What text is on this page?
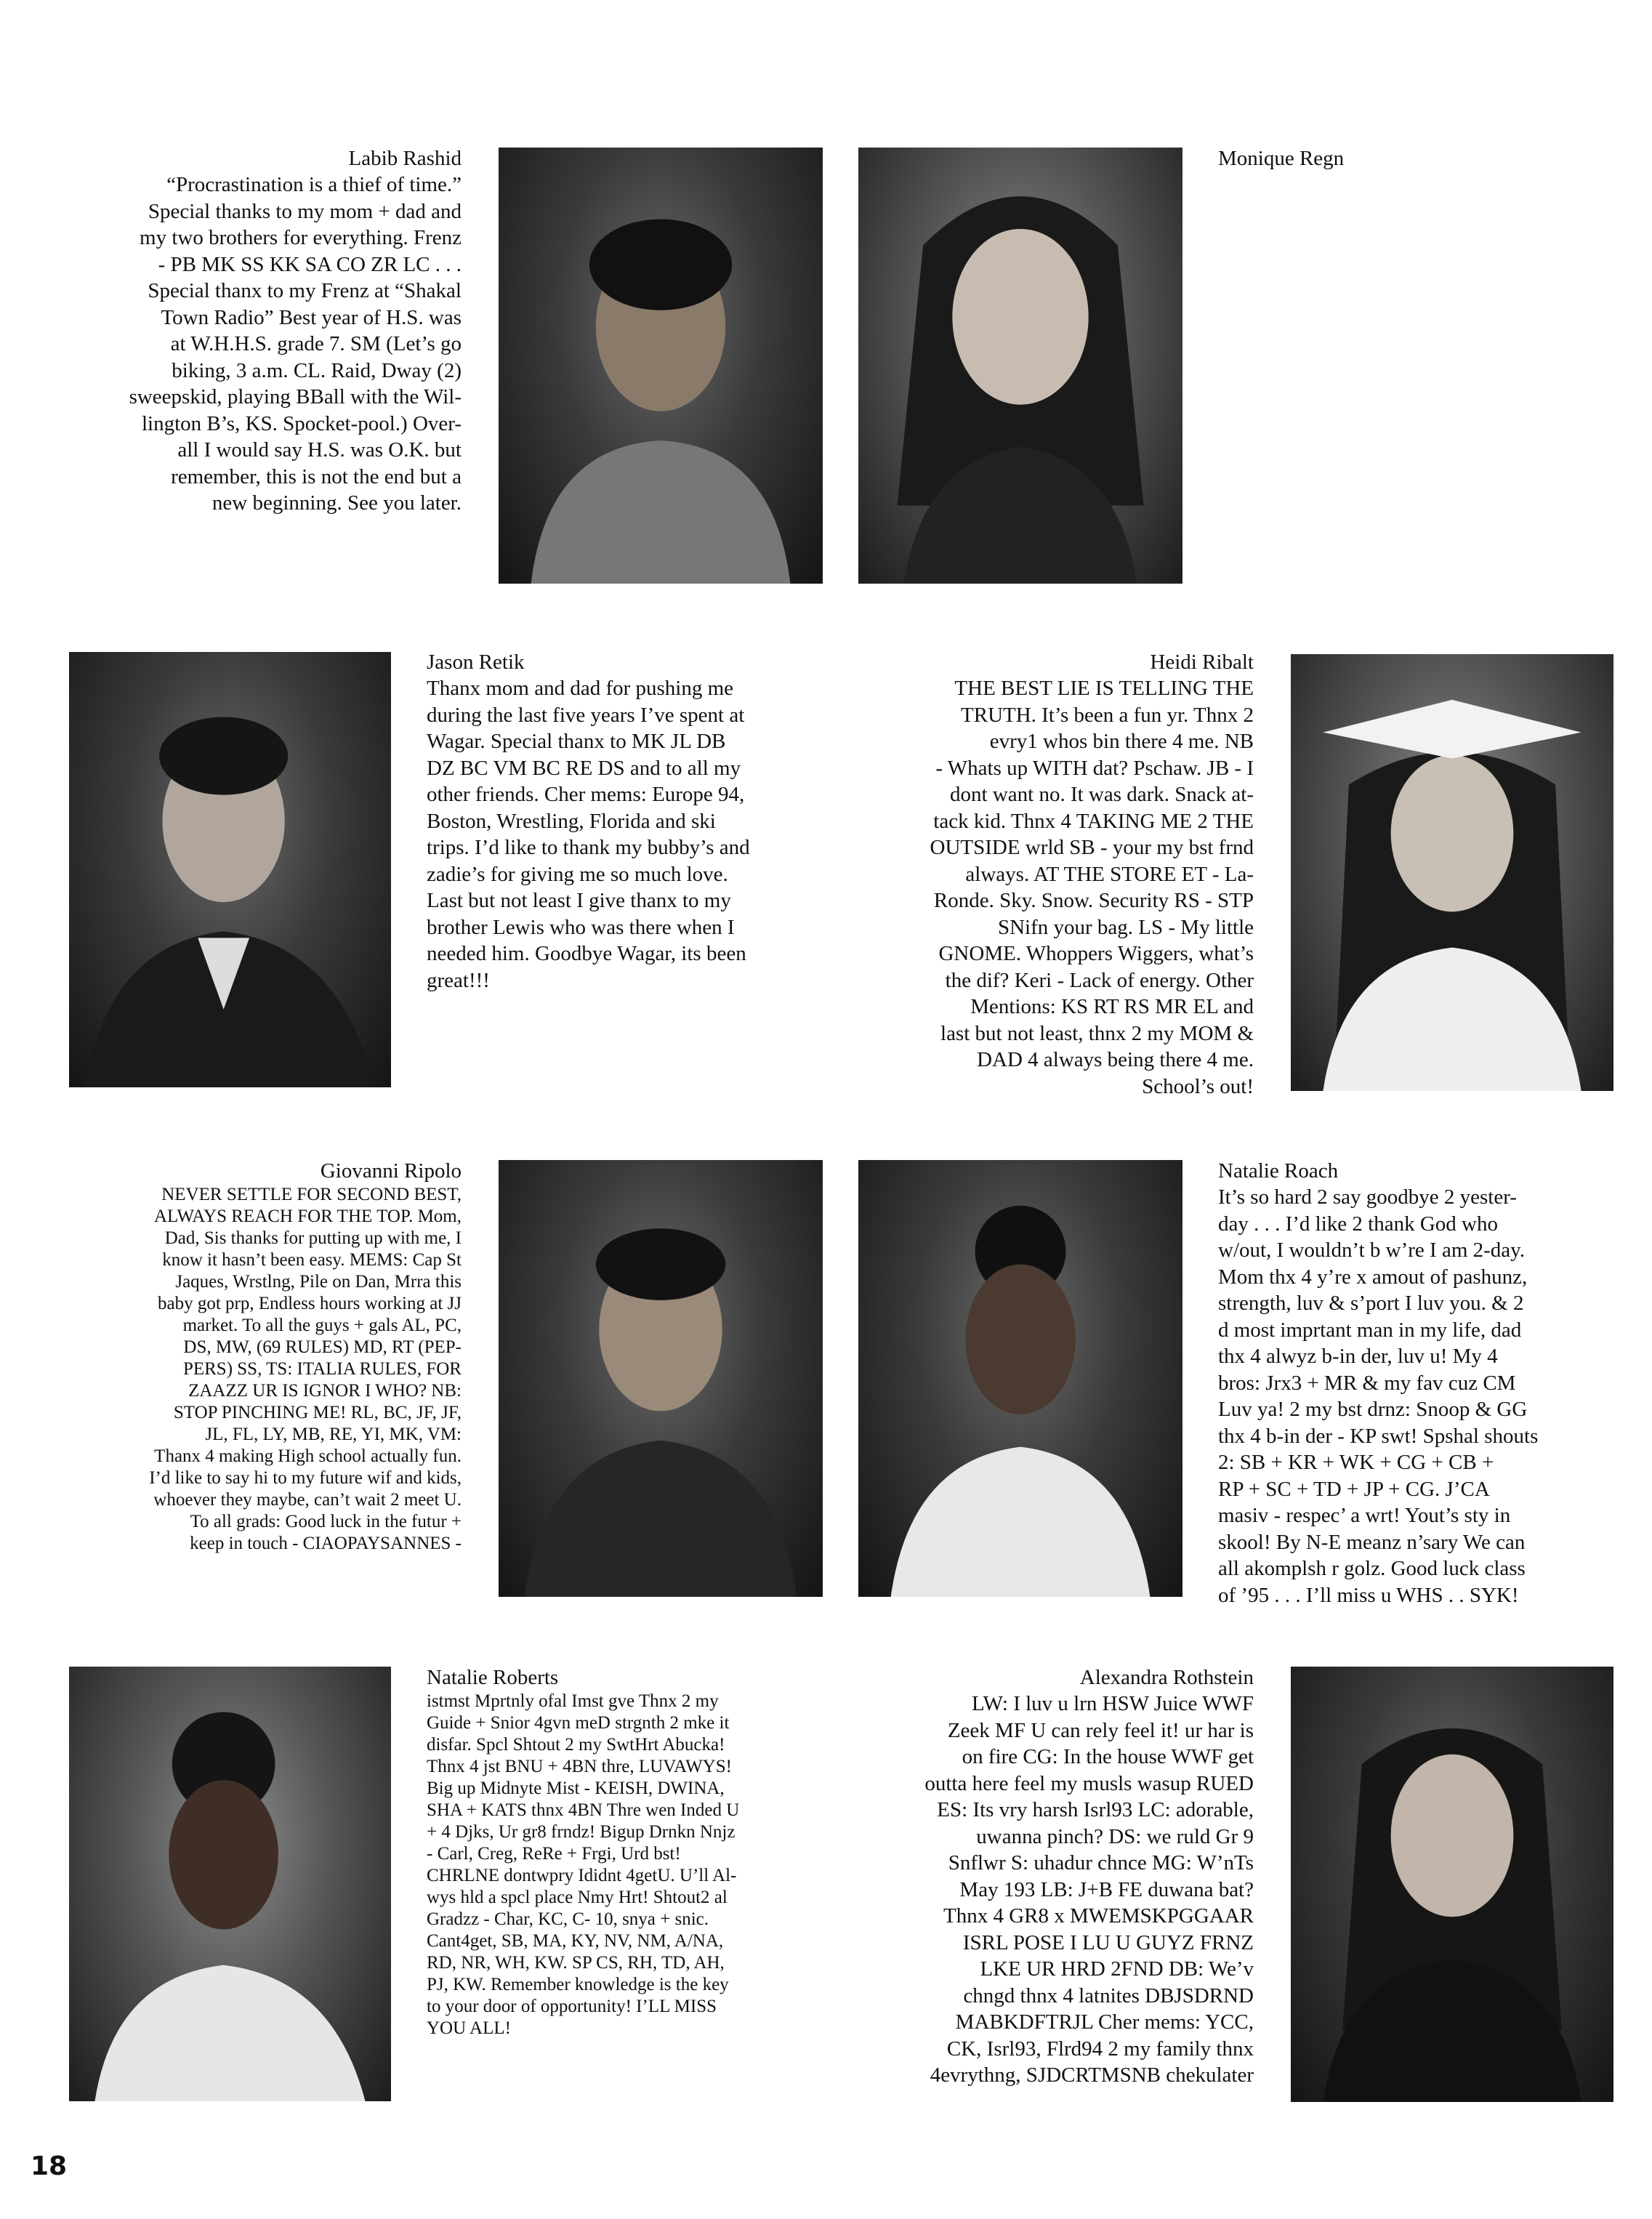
Labib Rashid
“Procrastination is a thief of time.”
Special thanks to my mom + dad and
my two brothers for everything. Frenz
- PB MK SS KK SA CO ZR LC . . .
Special thanx to my Frenz at “Shakal
Town Radio” Best year of H.S. was
at W.H.H.S. grade 7. SM (Let’s go
biking, 3 a.m. CL. Raid, Dway (2)
sweepskid, playing BBall with the Wil-
lington B’s, KS. Spocket-pool.) Over-
all I would say H.S. was O.K. but
remember, this is not the end but a
new beginning. See you later.
Monique Regn
Jason Retik
Thanx mom and dad for pushing me
during the last five years I’ve spent at
Wagar. Special thanx to MK JL DB
DZ BC VM BC RE DS and to all my
other friends. Cher mems: Europe 94,
Boston, Wrestling, Florida and ski
trips. I’d like to thank my bubby’s and
zadie’s for giving me so much love.
Last but not least I give thanx to my
brother Lewis who was there when I
needed him. Goodbye Wagar, its been
great!!!
Heidi Ribalt
THE BEST LIE IS TELLING THE
TRUTH. It’s been a fun yr. Thnx 2
evry1 whos bin there 4 me. NB
- Whats up WITH dat? Pschaw. JB - I
dont want no. It was dark. Snack at-
tack kid. Thnx 4 TAKING ME 2 THE
OUTSIDE wrld SB - your my bst frnd
always. AT THE STORE ET - La-
Ronde. Sky. Snow. Security RS - STP
SNifn your bag. LS - My little
GNOME. Whoppers Wiggers, what’s
the dif? Keri - Lack of energy. Other
Mentions: KS RT RS MR EL and
last but not least, thnx 2 my MOM &
DAD 4 always being there 4 me.
School’s out!
Giovanni Ripolo
NEVER SETTLE FOR SECOND BEST,
ALWAYS REACH FOR THE TOP. Mom,
Dad, Sis thanks for putting up with me, I
know it hasn’t been easy. MEMS: Cap St
Jaques, Wrstlng, Pile on Dan, Mrra this
baby got prp, Endless hours working at JJ
market. To all the guys + gals AL, PC,
DS, MW, (69 RULES) MD, RT (PEP-
PERS) SS, TS: ITALIA RULES, FOR
ZAAZZ UR IS IGNOR I WHO? NB:
STOP PINCHING ME! RL, BC, JF, JF,
JL, FL, LY, MB, RE, YI, MK, VM:
Thanx 4 making High school actually fun.
I’d like to say hi to my future wif and kids,
whoever they maybe, can’t wait 2 meet U.
To all grads: Good luck in the futur +
keep in touch - CIAOPAYSANNES -
Natalie Roach
It’s so hard 2 say goodbye 2 yester-
day . . . I’d like 2 thank God who
w/out, I wouldn’t b w’re I am 2-day.
Mom thx 4 y’re x amout of pashunz,
strength, luv & s’port I luv you. & 2
d most imprtant man in my life, dad
thx 4 alwyz b-in der, luv u! My 4
bros: Jrx3 + MR & my fav cuz CM
Luv ya! 2 my bst drnz: Snoop & GG
thx 4 b-in der - KP swt! Spshal shouts
2: SB + KR + WK + CG + CB +
RP + SC + TD + JP + CG. J’CA
masiv - respec’ a wrt! Yout’s sty in
skool! By N-E meanz n’sary We can
all akomplsh r golz. Good luck class
of ’95 . . . I’ll miss u WHS . . SYK!
Natalie Roberts
istmst Mprtnly ofal Imst gve Thnx 2 my
Guide + Snior 4gvn meD strgnth 2 mke it
disfar. Spcl Shtout 2 my SwtHrt Abucka!
Thnx 4 jst BNU + 4BN thre, LUVAWYS!
Big up Midnyte Mist - KEISH, DWINA,
SHA + KATS thnx 4BN Thre wen Inded U
+ 4 Djks, Ur gr8 frndz! Bigup Drnkn Nnjz
- Carl, Creg, ReRe + Frgi, Urd bst!
CHRLNE dontwpry Ididnt 4getU. U’ll Al-
wys hld a spcl place Nmy Hrt! Shtout2 al
Gradzz - Char, KC, C- 10, snya + snic.
Cant4get, SB, MA, KY, NV, NM, A/NA,
RD, NR, WH, KW. SP CS, RH, TD, AH,
PJ, KW. Remember knowledge is the key
to your door of opportunity! I’LL MISS
YOU ALL!
Alexandra Rothstein
LW: I luv u lrn HSW Juice WWF
Zeek MF U can rely feel it! ur har is
on fire CG: In the house WWF get
outta here feel my musls wasup RUED
ES: Its vry harsh Isrl93 LC: adorable,
uwanna pinch? DS: we ruld Gr 9
Snflwr S: uhadur chnce MG: W’nTs
May 193 LB: J+B FE duwana bat?
Thnx 4 GR8 x MWEMSKPGGAAR
ISRL POSE I LU U GUYZ FRNZ
LKE UR HRD 2FND DB: We’v
chngd thnx 4 latnites DBJSDRND
MABKDFTRJL Cher mems: YCC,
CK, Isrl93, Flrd94 2 my family thnx
4evrythng, SJDCRTMSNB chekulater
18
